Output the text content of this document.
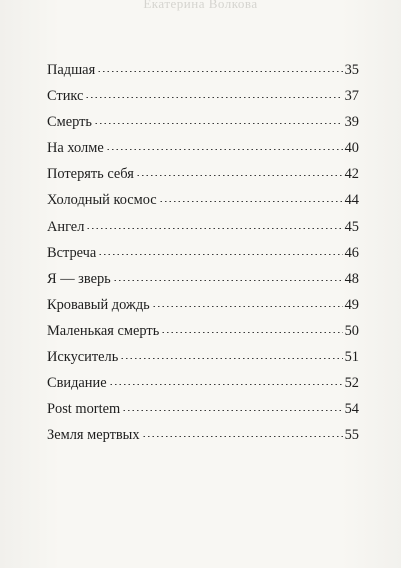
Екатерина Волкова
Падшая	35
Стикс	37
Смерть	39
На холме	40
Потерять себя	42
Холодный космос	44
Ангел	45
Встреча	46
Я — зверь	48
Кровавый дождь	49
Маленькая смерть	50
Искуситель	51
Свидание	52
Post mortem	54
Земля мертвых	55
